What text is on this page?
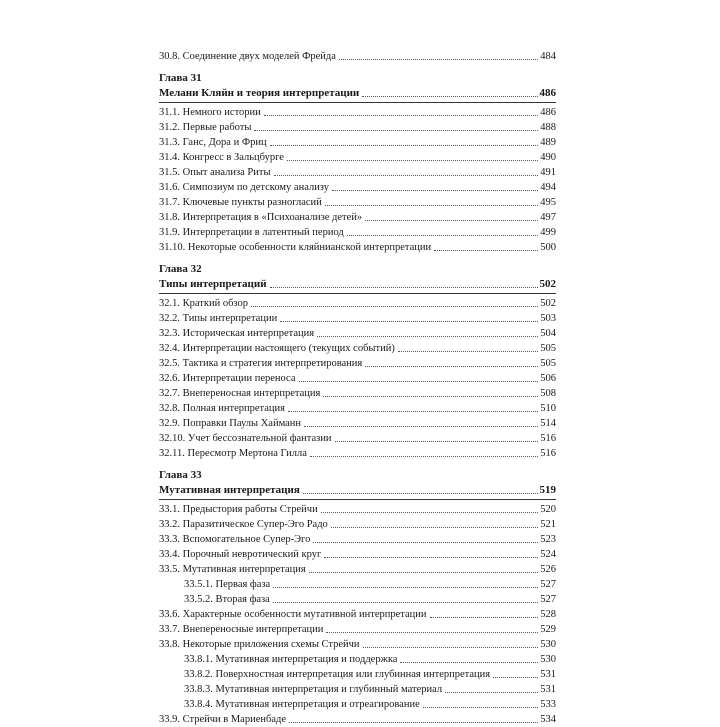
30.8. Соединение двух моделей Фрейда	484
Глава 31
Мелани Кляйн и теория интерпретации	486
31.1. Немного истории	486
31.2. Первые работы	488
31.3. Ганс, Дора и Фриц	489
31.4. Конгресс в Зальцбурге	490
31.5. Опыт анализа Риты	491
31.6. Симпозиум по детскому анализу	494
31.7. Ключевые пункты разногласий	495
31.8. Интерпретация в «Психоанализе детей»	497
31.9. Интерпретации в латентный период	499
31.10. Некоторые особенности кляйнианской интерпретации	500
Глава 32
Типы интерпретаций	502
32.1. Краткий обзор	502
32.2. Типы интерпретации	503
32.3. Историческая интерпретация	504
32.4. Интерпретации настоящего (текущих событий)	505
32.5. Тактика и стратегия интерпретирования	505
32.6. Интерпретации переноса	506
32.7. Внепереносная интерпретация	508
32.8. Полная интерпретация	510
32.9. Поправки Паулы Хайманн	514
32.10. Учет бессознательной фантазии	516
32.11. Пересмотр Мертона Гилла	516
Глава 33
Мутативная интерпретация	519
33.1. Предыстория работы Стрейчи	520
33.2. Паразитическое Супер-Эго Радо	521
33.3. Вспомогательное Супер-Эго	523
33.4. Порочный невротический круг	524
33.5. Мутативная интерпретация	526
33.5.1. Первая фаза	527
33.5.2. Вторая фаза	527
33.6. Характерные особенности мутативной интерпретации	528
33.7. Внепереносные интерпретации	529
33.8. Некоторые приложения схемы Стрейчи	530
33.8.1. Мутативная интерпретация и поддержка	530
33.8.2. Поверхностная интерпретация или глубинная интерпретация	531
33.8.3. Мутативная интерпретация и глубинный материал	531
33.8.4. Мутативная интерпретация и отреагирование	533
33.9. Стрейчи в Мариенбаде	534
